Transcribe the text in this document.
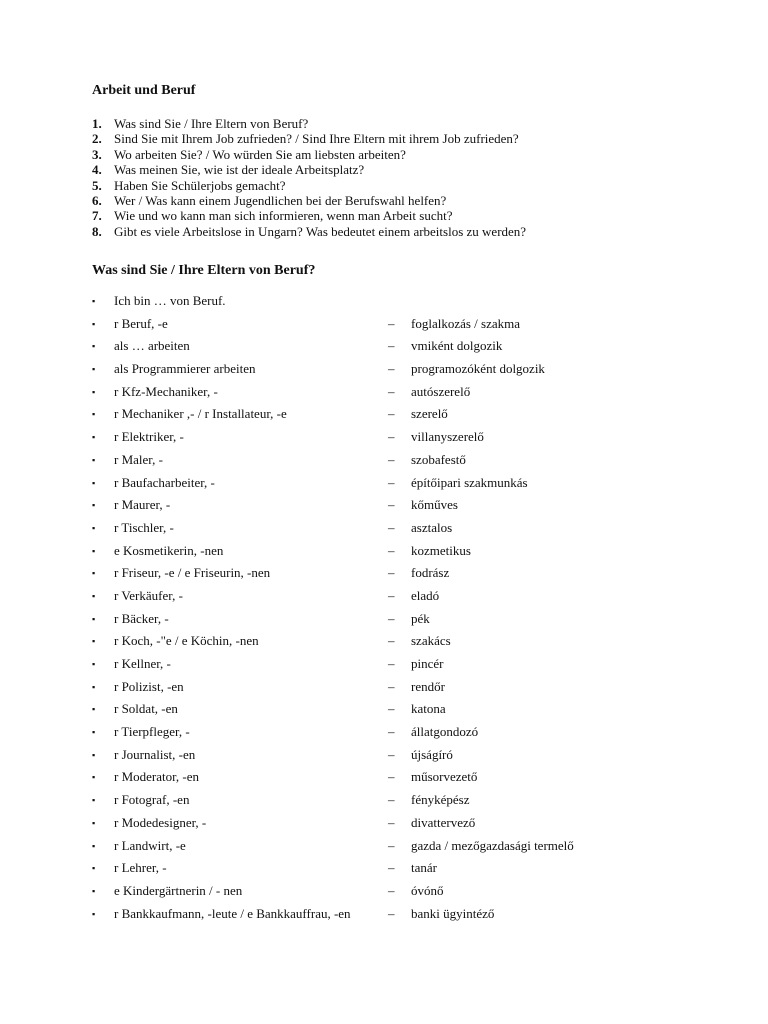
Arbeit und Beruf
1. Was sind Sie / Ihre Eltern von Beruf?
2. Sind Sie mit Ihrem Job zufrieden? / Sind Ihre Eltern mit ihrem Job zufrieden?
3. Wo arbeiten Sie? / Wo würden Sie am liebsten arbeiten?
4. Was meinen Sie, wie ist der ideale Arbeitsplatz?
5. Haben Sie Schülerjobs gemacht?
6. Wer / Was kann einem Jugendlichen bei der Berufswahl helfen?
7. Wie und wo kann man sich informieren, wenn man Arbeit sucht?
8. Gibt es viele Arbeitslose in Ungarn? Was bedeutet einem arbeitslos zu werden?
Was sind Sie / Ihre Eltern von Beruf?
▪ Ich bin … von Beruf.
▪ r Beruf, -e	– foglalkozás / szakma
▪ als … arbeiten	– vmiként dolgozik
▪ als Programmierer arbeiten	– programozóként dolgozik
▪ r Kfz-Mechaniker, -	– autószerelő
▪ r Mechaniker ,- / r Installateur, -e	– szerelő
▪ r Elektriker, -	– villanyszerelő
▪ r Maler, -	– szobafestő
▪ r Baufacharbeiter, -	– építőipari szakmunkás
▪ r Maurer, -	– kőműves
▪ r Tischler, -	– asztalos
▪ e Kosmetikerin, -nen	– kozmetikus
▪ r Friseur, -e / e Friseurin, -nen	– fodrász
▪ r Verkäufer, -	– eladó
▪ r Bäcker, -	– pék
▪ r Koch, -"e / e Köchin, -nen	– szakács
▪ r Kellner, -	– pincér
▪ r Polizist, -en	– rendőr
▪ r Soldat, -en	– katona
▪ r Tierpfleger, -	– állatgondozó
▪ r Journalist, -en	– újságíró
▪ r Moderator, -en	– műsorvezető
▪ r Fotograf, -en	– fényképész
▪ r Modedesigner, -	– divattervező
▪ r Landwirt, -e	– gazda / mezőgazdasági termelő
▪ r Lehrer, -	– tanár
▪ e Kindergärtnerin / - nen	– óvónő
▪ r Bankkaufmann, -leute / e Bankkauffrau, -en	– banki ügyintéző
